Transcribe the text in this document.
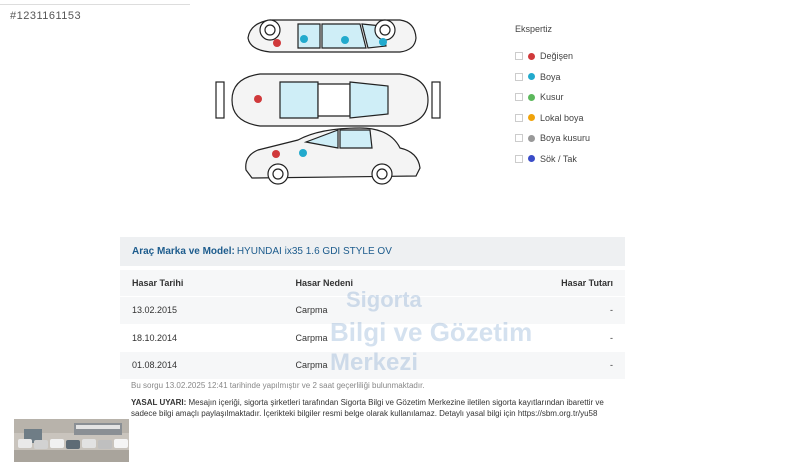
#1231161153
Ekspertiz
Değişen
Boya
Kusur
Lokal boya
Boya kusuru
Sök / Tak
Araç Marka ve Model: HYUNDAI ix35 1.6 GDI STYLE OV
Hasar Tarihi	Hasar Nedeni	Hasar Tutarı
13.02.2015	Carpma	-
18.10.2014	Carpma	-
01.08.2014	Carpma	-
Sigorta
Bilgi ve Gözetim
Merkezi
Bu sorgu 13.02.2025 12:41 tarihinde yapılmıştır ve 2 saat geçerliliği bulunmaktadır.
YASAL UYARI: Mesajın içeriği, sigorta şirketleri tarafından Sigorta Bilgi ve Gözetim Merkezine iletilen sigorta kayıtlarından ibarettir ve sadece bilgi amaçlı paylaşılmaktadır. İçerikteki bilgiler resmi belge olarak kullanılamaz. Detaylı yasal bilgi için https://sbm.org.tr/yu58
